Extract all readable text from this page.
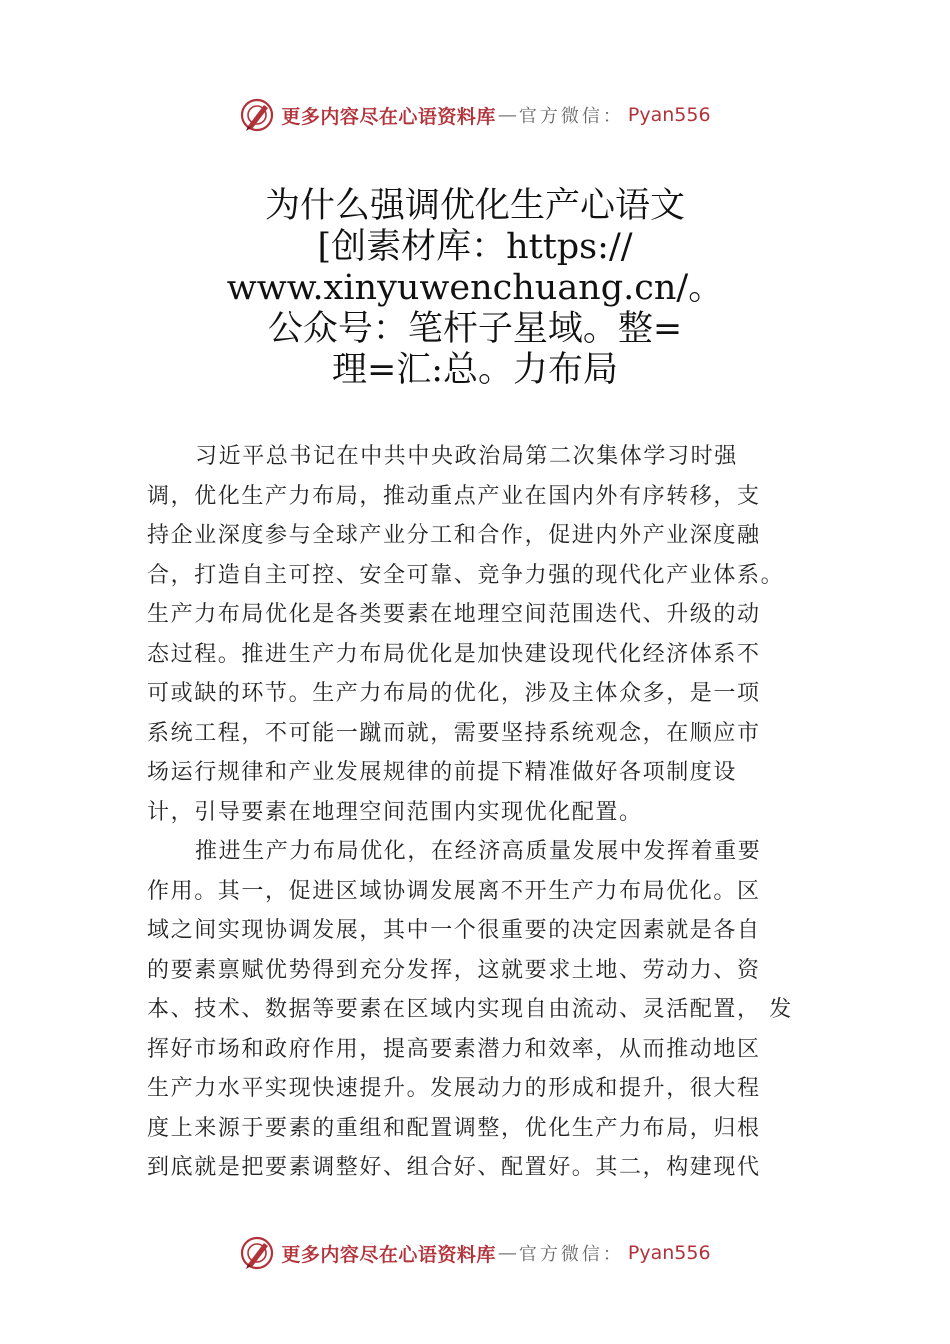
更多内容尽在心语资料库 — 官方微信： Pyan556
为什么强调优化生产心语文
[创素材库：https://
www.xinyuwenchuang.cn/。
公众号：笔杆子星域。整=
理=汇:总。力布局
习近平总书记在中共中央政治局第二次集体学习时强
调，优化生产力布局，推动重点产业在国内外有序转移，支
持企业深度参与全球产业分工和合作，促进内外产业深度融
合，打造自主可控、安全可靠、竞争力强的现代化产业体系。
生产力布局优化是各类要素在地理空间范围迭代、升级的动
态过程。推进生产力布局优化是加快建设现代化经济体系不
可或缺的环节。生产力布局的优化，涉及主体众多，是一项
系统工程，不可能一蹴而就，需要坚持系统观念，在顺应市
场运行规律和产业发展规律的前提下精准做好各项制度设
计，引导要素在地理空间范围内实现优化配置。
推进生产力布局优化，在经济高质量发展中发挥着重要
作用。其一，促进区域协调发展离不开生产力布局优化。区
域之间实现协调发展，其中一个很重要的决定因素就是各自
的要素禀赋优势得到充分发挥，这就要求土地、劳动力、资
本、技术、数据等要素在区域内实现自由流动、灵活配置， 发
挥好市场和政府作用，提高要素潜力和效率，从而推动地区
生产力水平实现快速提升。发展动力的形成和提升，很大程
度上来源于要素的重组和配置调整，优化生产力布局，归根
到底就是把要素调整好、组合好、配置好。其二，构建现代
更多内容尽在心语资料库 — 官方微信： Pyan556
